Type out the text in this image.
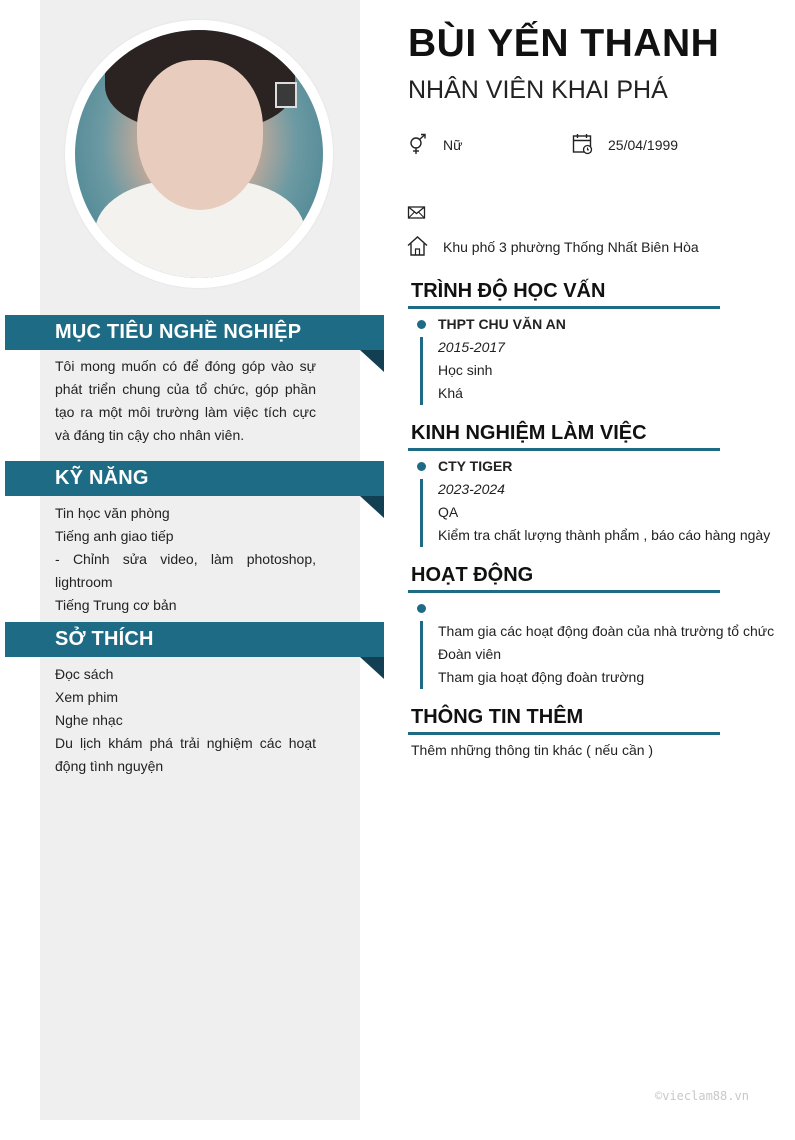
MỤC TIÊU NGHỀ NGHIỆP
Tôi mong muốn có để đóng góp vào sự phát triển chung của tổ chức, góp phần tạo ra một môi trường làm việc tích cực và đáng tin cậy cho nhân viên.
KỸ NĂNG
Tin học văn phòng
Tiếng anh giao tiếp
- Chỉnh sửa video, làm photoshop, lightroom
Tiếng Trung cơ bản
SỞ THÍCH
Đọc sách
Xem phim
Nghe nhạc
Du lịch khám phá trải nghiệm các hoạt động tình nguyện
BÙI YẾN THANH
NHÂN VIÊN KHAI PHÁ
Nữ	25/04/1999
Khu phố 3 phường Thống Nhất Biên Hòa
TRÌNH ĐỘ HỌC VẤN
THPT CHU VĂN AN
2015-2017
Học sinh
Khá
KINH NGHIỆM LÀM VIỆC
CTY TIGER
2023-2024
QA
Kiểm tra chất lượng thành phẩm , báo cáo hàng ngày
HOẠT ĐỘNG
Tham gia các hoạt động đoàn của nhà trường tổ chức
Đoàn viên
Tham gia hoạt động đoàn trường
THÔNG TIN THÊM
Thêm những thông tin khác ( nếu cần )
©vieclam88.vn
